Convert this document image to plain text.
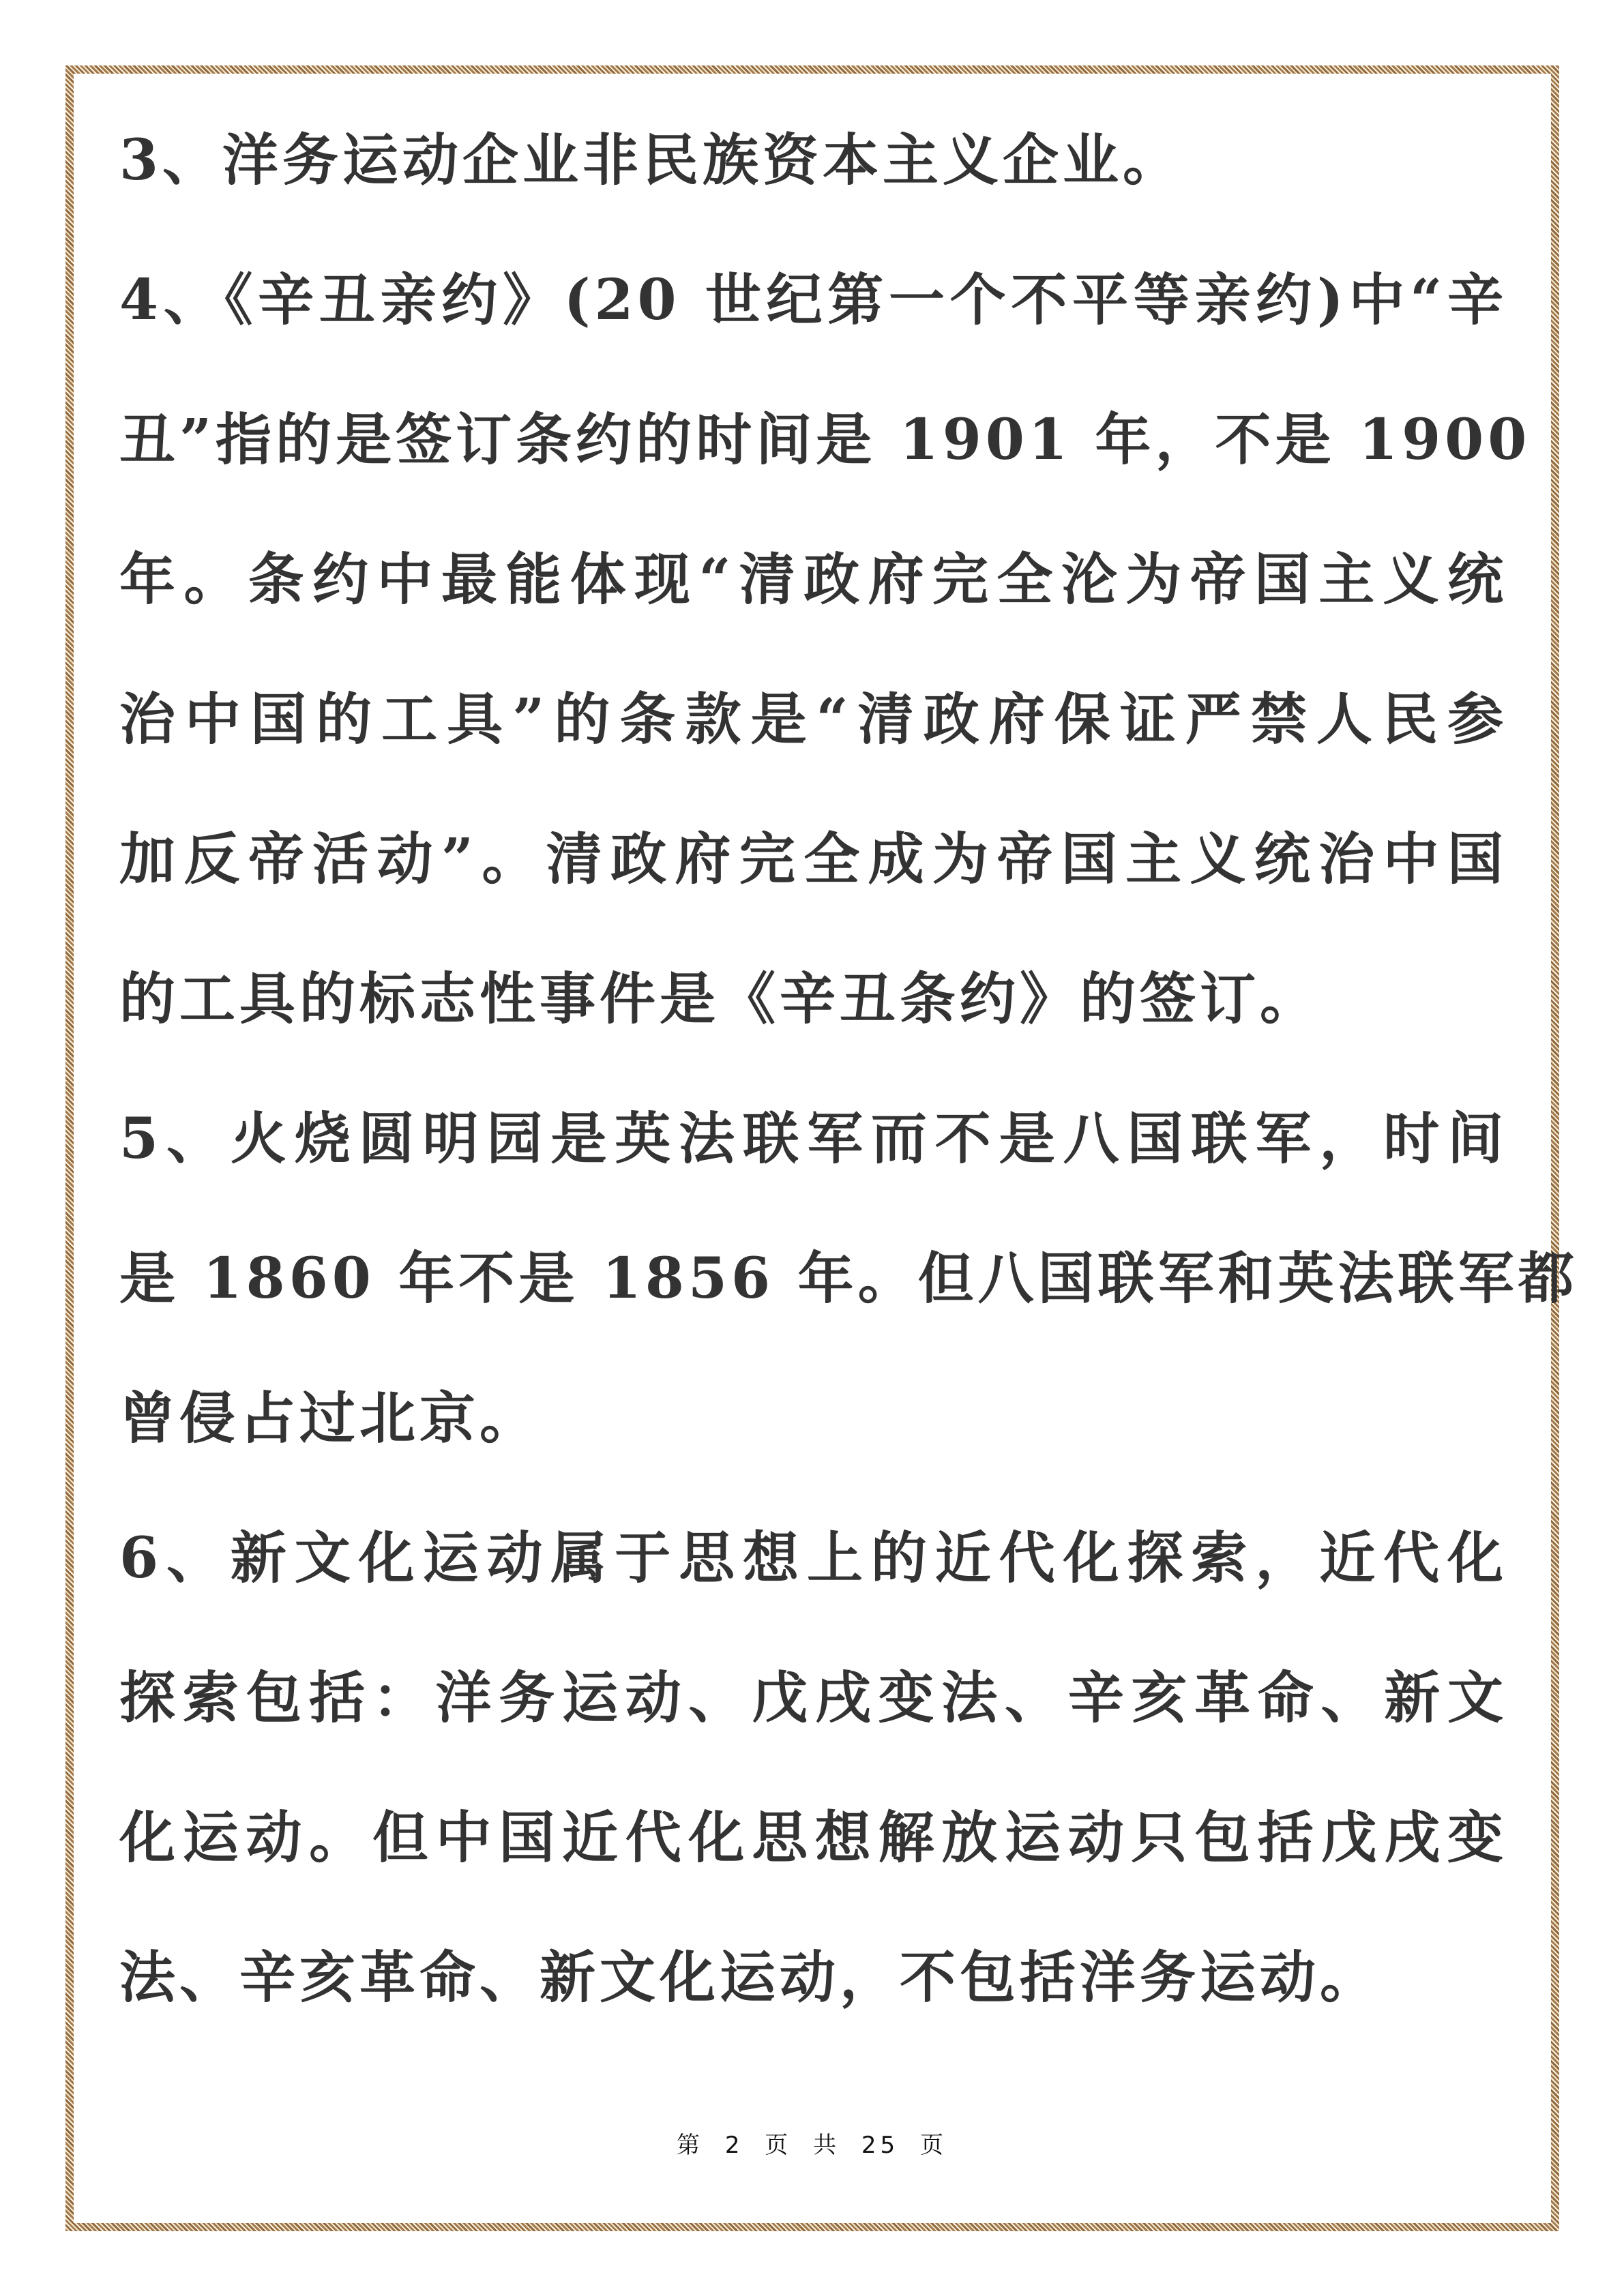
3、洋务运动企业非民族资本主义企业。
4、《辛丑亲约》(20 世纪第一个不平等亲约)中“辛
丑”指的是签订条约的时间是 1901 年，不是 1900
年。条约中最能体现“清政府完全沦为帝国主义统
治中国的工具”的条款是“清政府保证严禁人民参
加反帝活动”。清政府完全成为帝国主义统治中国
的工具的标志性事件是《辛丑条约》的签订。
5、火烧圆明园是英法联军而不是八国联军，时间
是 1860 年不是 1856 年。但八国联军和英法联军都
曾侵占过北京。
6、新文化运动属于思想上的近代化探索，近代化
探索包括：洋务运动、戊戌变法、辛亥革命、新文
化运动。但中国近代化思想解放运动只包括戊戌变
法、辛亥革命、新文化运动，不包括洋务运动。
第 2 页 共 25 页
